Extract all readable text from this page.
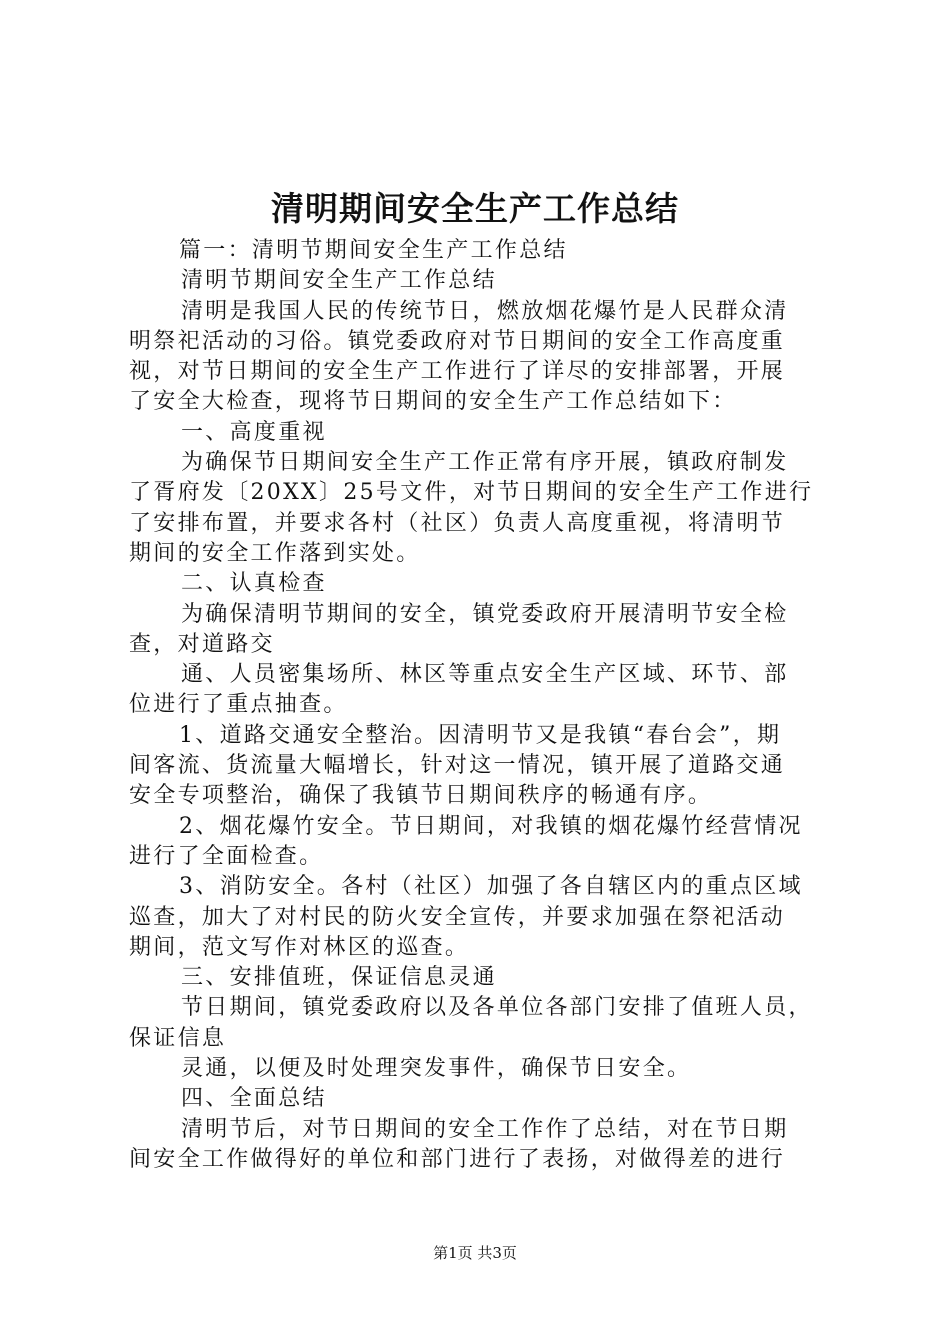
清明期间安全生产工作总结
篇一：清明节期间安全生产工作总结
清明节期间安全生产工作总结
清明是我国人民的传统节日，燃放烟花爆竹是人民群众清
明祭祀活动的习俗。镇党委政府对节日期间的安全工作高度重
视，对节日期间的安全生产工作进行了详尽的安排部署，开展
了安全大检查，现将节日期间的安全生产工作总结如下：
一、高度重视
为确保节日期间安全生产工作正常有序开展，镇政府制发
了胥府发〔20XX〕25号文件，对节日期间的安全生产工作进行
了安排布置，并要求各村（社区）负责人高度重视，将清明节
期间的安全工作落到实处。
二、认真检查
为确保清明节期间的安全，镇党委政府开展清明节安全检
查，对道路交
通、人员密集场所、林区等重点安全生产区域、环节、部
位进行了重点抽查。
1、道路交通安全整治。因清明节又是我镇“春台会”，期
间客流、货流量大幅增长，针对这一情况，镇开展了道路交通
安全专项整治，确保了我镇节日期间秩序的畅通有序。
2、烟花爆竹安全。节日期间，对我镇的烟花爆竹经营情况
进行了全面检查。
3、消防安全。各村（社区）加强了各自辖区内的重点区域
巡查，加大了对村民的防火安全宣传，并要求加强在祭祀活动
期间，范文写作对林区的巡查。
三、安排值班，保证信息灵通
节日期间，镇党委政府以及各单位各部门安排了值班人员，
保证信息
灵通，以便及时处理突发事件，确保节日安全。
四、全面总结
清明节后，对节日期间的安全工作作了总结，对在节日期
间安全工作做得好的单位和部门进行了表扬，对做得差的进行
第1页 共3页
